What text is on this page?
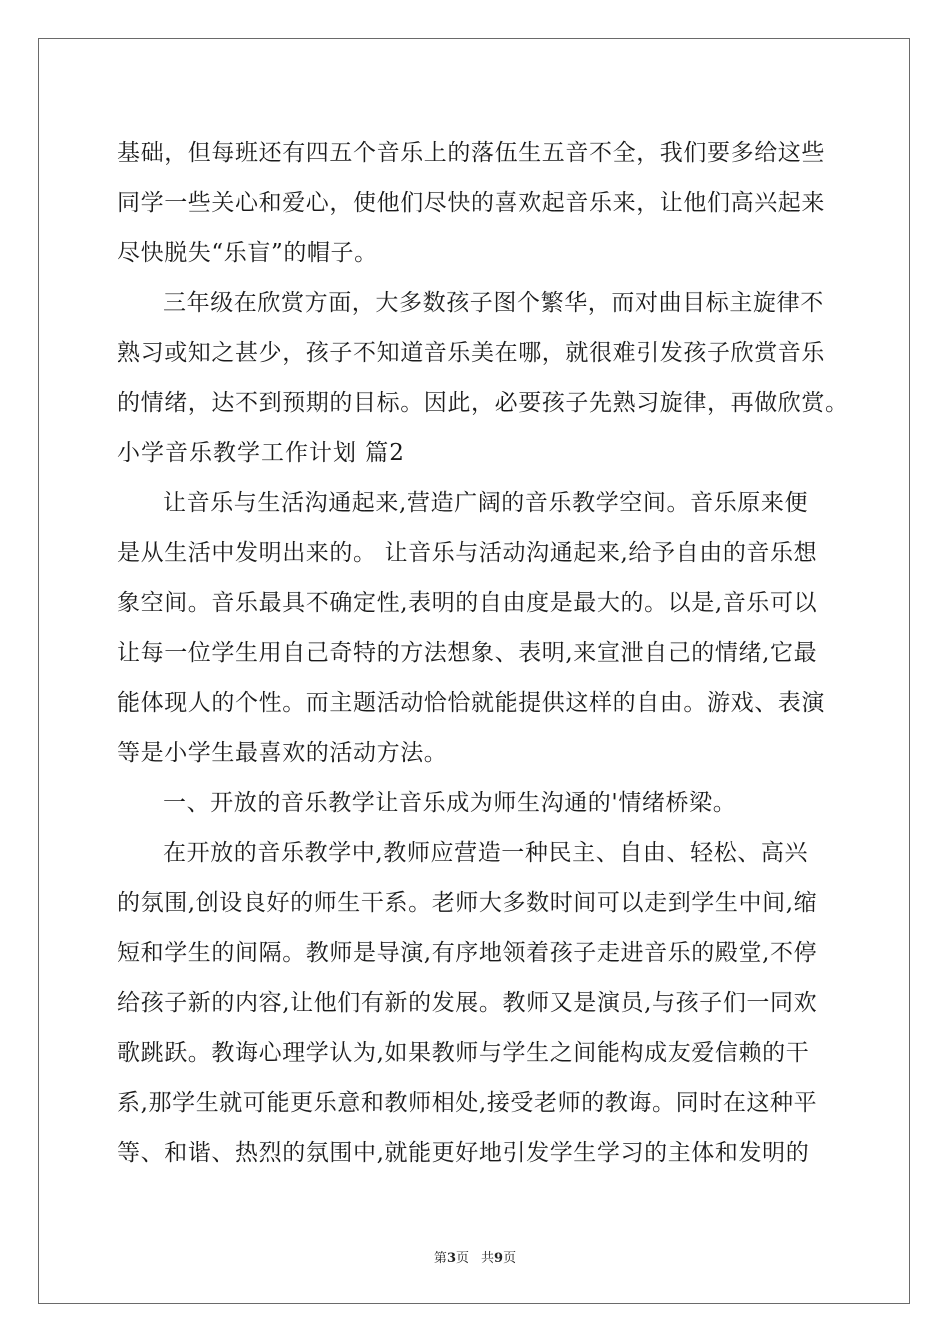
基础，但每班还有四五个音乐上的落伍生五音不全，我们要多给这些
同学一些关心和爱心，使他们尽快的喜欢起音乐来，让他们高兴起来
尽快脱失“乐盲”的帽子。
三年级在欣赏方面，大多数孩子图个繁华，而对曲目标主旋律不
熟习或知之甚少，孩子不知道音乐美在哪，就很难引发孩子欣赏音乐
的情绪，达不到预期的目标。因此，必要孩子先熟习旋律，再做欣赏。
小学音乐教学工作计划 篇2
让音乐与生活沟通起来,营造广阔的音乐教学空间。音乐原来便
是从生活中发明出来的。 让音乐与活动沟通起来,给予自由的音乐想
象空间。音乐最具不确定性,表明的自由度是最大的。以是,音乐可以
让每一位学生用自己奇特的方法想象、表明,来宣泄自己的情绪,它最
能体现人的个性。而主题活动恰恰就能提供这样的自由。游戏、表演
等是小学生最喜欢的活动方法。
一、开放的音乐教学让音乐成为师生沟通的'情绪桥梁。
在开放的音乐教学中,教师应营造一种民主、自由、轻松、高兴
的氛围,创设良好的师生干系。老师大多数时间可以走到学生中间,缩
短和学生的间隔。教师是导演,有序地领着孩子走进音乐的殿堂,不停
给孩子新的内容,让他们有新的发展。教师又是演员,与孩子们一同欢
歌跳跃。教诲心理学认为,如果教师与学生之间能构成友爱信赖的干
系,那学生就可能更乐意和教师相处,接受老师的教诲。同时在这种平
等、和谐、热烈的氛围中,就能更好地引发学生学习的主体和发明的
第3页 共9页
